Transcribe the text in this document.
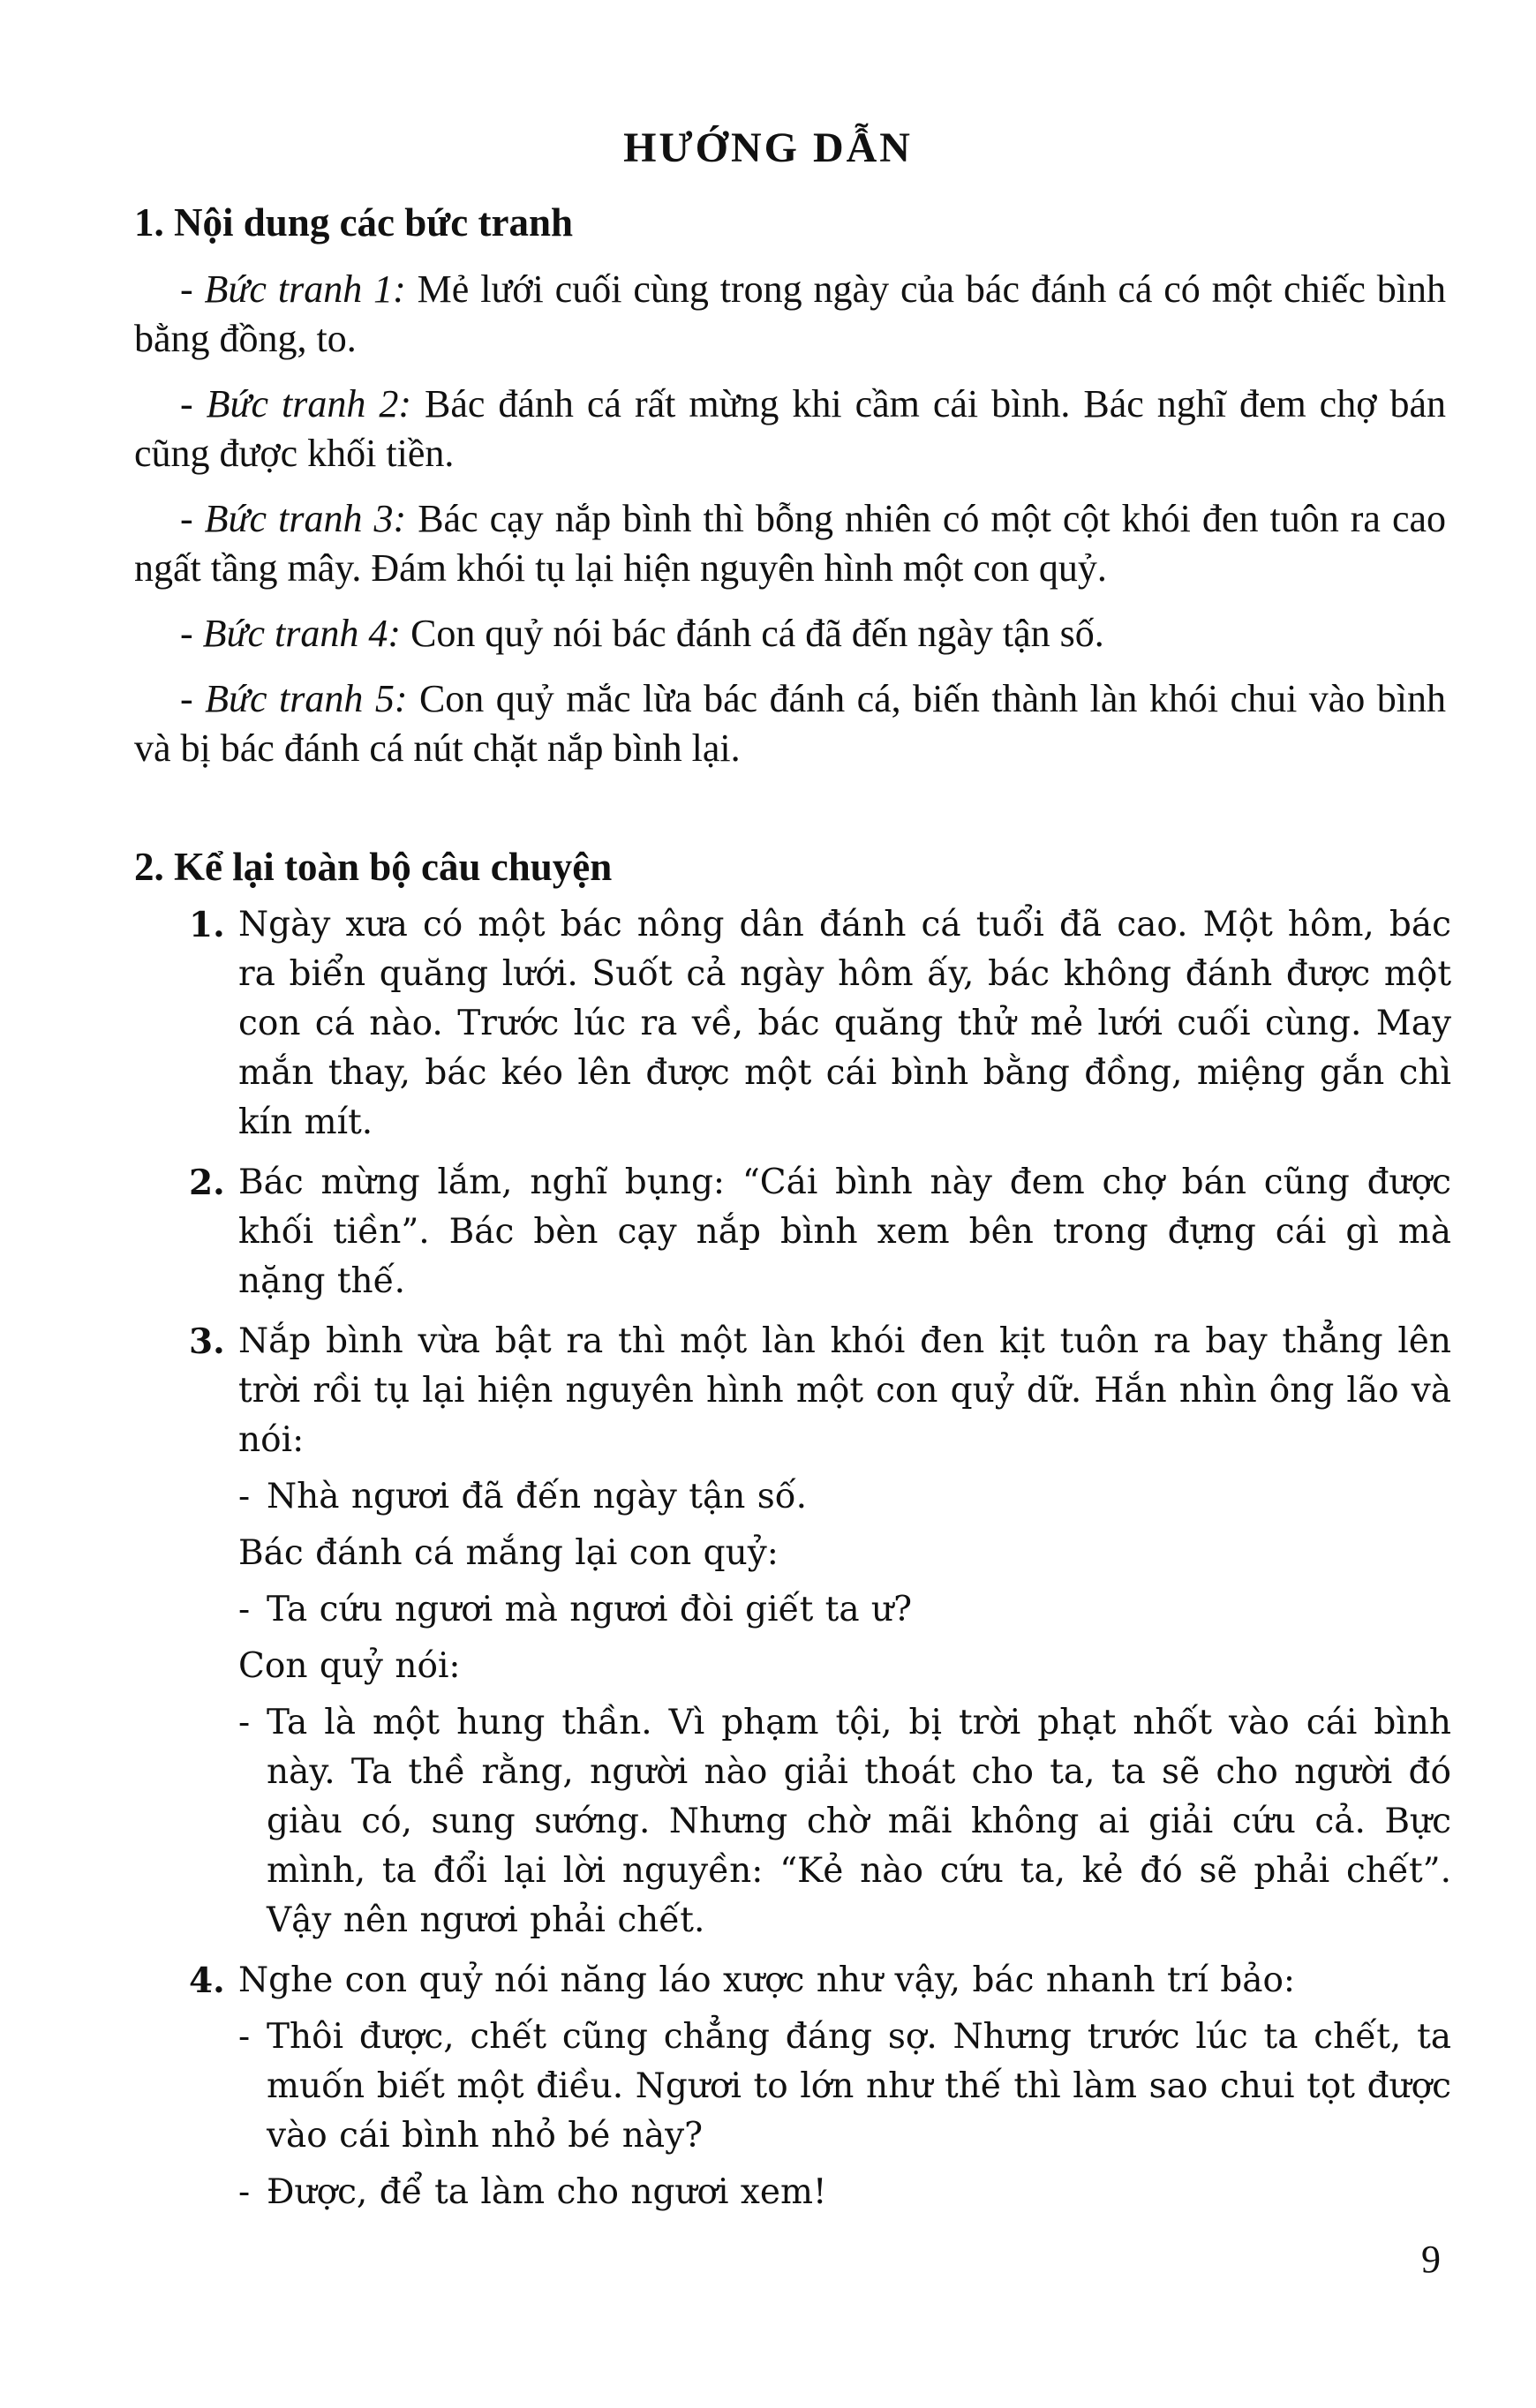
HƯỚNG DẪN
1. Nội dung các bức tranh

- Bức tranh 1: Mẻ lưới cuối cùng trong ngày của bác đánh cá có một chiếc bình bằng đồng, to.

- Bức tranh 2: Bác đánh cá rất mừng khi cầm cái bình. Bác nghĩ đem chợ bán cũng được khối tiền.

- Bức tranh 3: Bác cạy nắp bình thì bỗng nhiên có một cột khói đen tuôn ra cao ngất tầng mây. Đám khói tụ lại hiện nguyên hình một con quỷ.

- Bức tranh 4: Con quỷ nói bác đánh cá đã đến ngày tận số.

- Bức tranh 5: Con quỷ mắc lừa bác đánh cá, biến thành làn khói chui vào bình và bị bác đánh cá nút chặt nắp bình lại.

2. Kể lại toàn bộ câu chuyện
1. Ngày xưa có một bác nông dân đánh cá tuổi đã cao. Một hôm, bác ra biển quăng lưới. Suốt cả ngày hôm ấy, bác không đánh được một con cá nào. Trước lúc ra về, bác quăng thử mẻ lưới cuối cùng. May mắn thay, bác kéo lên được một cái bình bằng đồng, miệng gắn chì kín mít.
2. Bác mừng lắm, nghĩ bụng: “Cái bình này đem chợ bán cũng được khối tiền”. Bác bèn cạy nắp bình xem bên trong đựng cái gì mà nặng thế.
3. Nắp bình vừa bật ra thì một làn khói đen kịt tuôn ra bay thẳng lên trời rồi tụ lại hiện nguyên hình một con quỷ dữ. Hắn nhìn ông lão và nói:
- Nhà ngươi đã đến ngày tận số.
Bác đánh cá mắng lại con quỷ:
- Ta cứu ngươi mà ngươi đòi giết ta ư?
Con quỷ nói:
- Ta là một hung thần. Vì phạm tội, bị trời phạt nhốt vào cái bình này. Ta thề rằng, người nào giải thoát cho ta, ta sẽ cho người đó giàu có, sung sướng. Nhưng chờ mãi không ai giải cứu cả. Bực mình, ta đổi lại lời nguyền: “Kẻ nào cứu ta, kẻ đó sẽ phải chết”. Vậy nên ngươi phải chết.
4. Nghe con quỷ nói năng láo xược như vậy, bác nhanh trí bảo:
- Thôi được, chết cũng chẳng đáng sợ. Nhưng trước lúc ta chết, ta muốn biết một điều. Ngươi to lớn như thế thì làm sao chui tọt được vào cái bình nhỏ bé này?
- Được, để ta làm cho ngươi xem!
9
